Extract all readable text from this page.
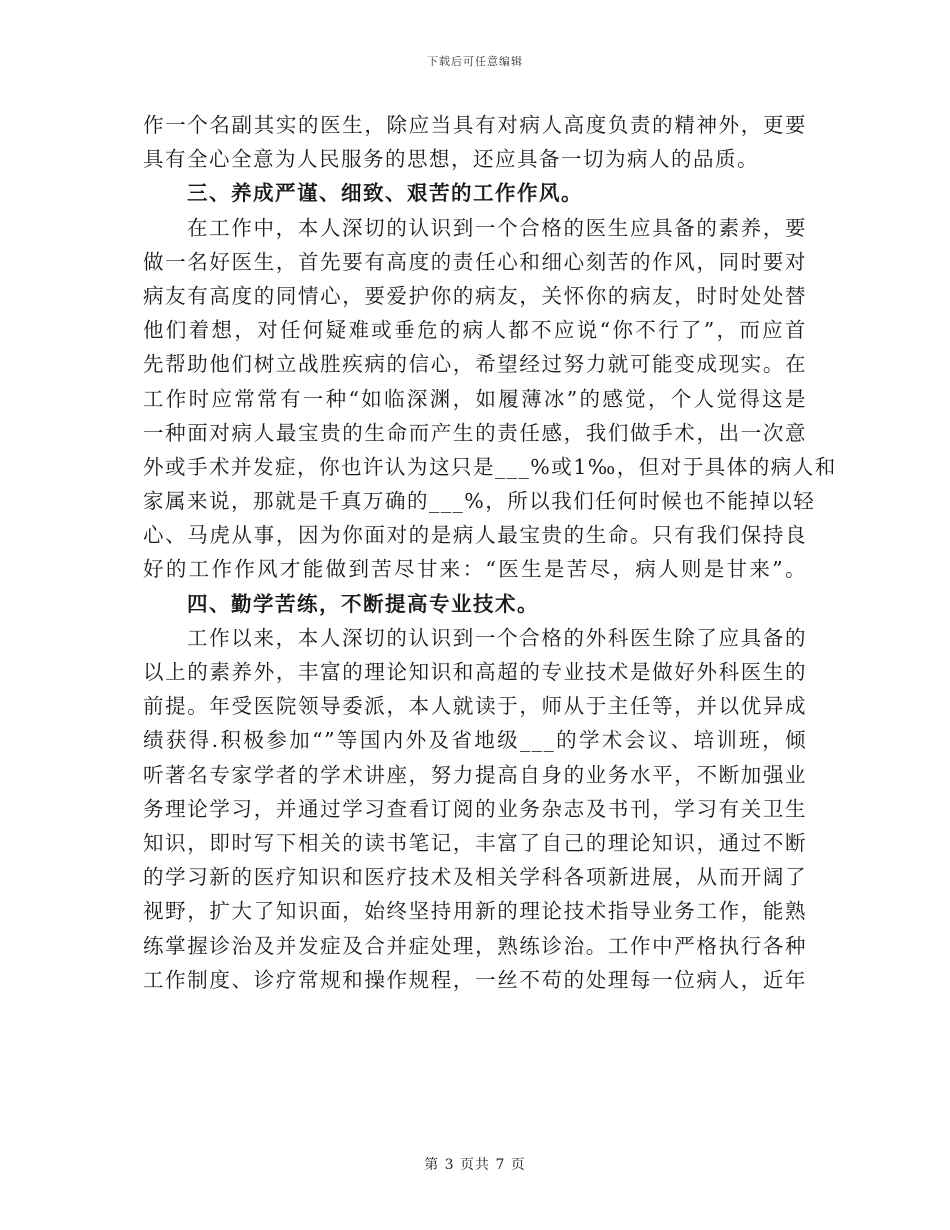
下载后可任意编辑
作一个名副其实的医生，除应当具有对病人高度负责的精神外，更要
具有全心全意为人民服务的思想，还应具备一切为病人的品质。
三、养成严谨、细致、艰苦的工作作风。
在工作中，本人深切的认识到一个合格的医生应具备的素养，要
做一名好医生，首先要有高度的责任心和细心刻苦的作风，同时要对
病友有高度的同情心，要爱护你的病友，关怀你的病友，时时处处替
他们着想，对任何疑难或垂危的病人都不应说“你不行了”，而应首
先帮助他们树立战胜疾病的信心，希望经过努力就可能变成现实。在
工作时应常常有一种“如临深渊，如履薄冰”的感觉，个人觉得这是
一种面对病人最宝贵的生命而产生的责任感，我们做手术，出一次意
外或手术并发症，你也许认为这只是___%或1‰，但对于具体的病人和
家属来说，那就是千真万确的___%，所以我们任何时候也不能掉以轻
心、马虎从事，因为你面对的是病人最宝贵的生命。只有我们保持良
好的工作作风才能做到苦尽甘来：“医生是苦尽，病人则是甘来”。
四、勤学苦练，不断提高专业技术。
工作以来，本人深切的认识到一个合格的外科医生除了应具备的
以上的素养外，丰富的理论知识和高超的专业技术是做好外科医生的
前提。年受医院领导委派，本人就读于，师从于主任等，并以优异成
绩获得.积极参加“”等国内外及省地级___的学术会议、培训班，倾
听著名专家学者的学术讲座，努力提高自身的业务水平，不断加强业
务理论学习，并通过学习查看订阅的业务杂志及书刊，学习有关卫生
知识，即时写下相关的读书笔记，丰富了自己的理论知识，通过不断
的学习新的医疗知识和医疗技术及相关学科各项新进展，从而开阔了
视野，扩大了知识面，始终坚持用新的理论技术指导业务工作，能熟
练掌握诊治及并发症及合并症处理，熟练诊治。工作中严格执行各种
工作制度、诊疗常规和操作规程，一丝不苟的处理每一位病人，近年
第 3 页共 7 页
